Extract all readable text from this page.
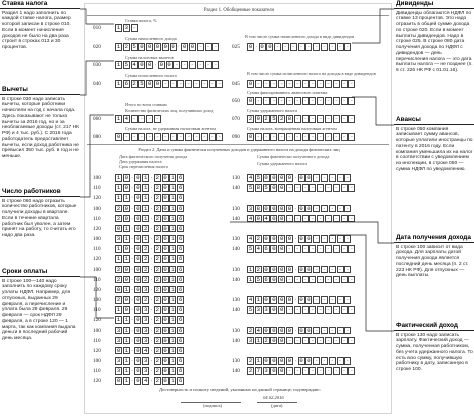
Ставка налога
Раздел 1 надо заполнить по каждой ставке налога, размер которой записан в строке 010. Если в момент начисления доходов не было на два раза строит в строках 013 и 30 процентов.
Вычеты
В строке 030 надо записать вычеты, которые работники начисляли на год с начала года. Здесь показывают не только вычеты за 2016 год, но и за необлагаемые доходы (ст. 217 НК РФ) и 4 тыс. руб.). С 2016 года работодатель предоставляет вычеты, если доход работника не превысил 350 тыс. руб. в год и не меньше.
Число работников
В строке 060 надо отразить количество работников, которые получили доходы в квартале. Если в течение квартала работник был уволен, а затем принят на работу, то считать его надо два раза.
Сроки оплаты
В строке 100—140 надо заполнить по каждому сроку уплаты НДФЛ. Например, для отпускных, выданных 29 февраля, а перечисление и уплата была 29 февраля. 29 февраля — срок НДФЛ 29 февраля, а в строке 120 — 1 марта, так как компания выдала деньги в последний рабочий день месяца.
Дивиденды
Дивиденды облагаются НДФЛ по ставке 13 процентов. Это надо отразить в общей сумме дохода по строке 020. Если в момент выплаты дивидендов. Надо в строке 025. В строке 080 дата получения дохода по НДФЛ с дивидендов — день перечисления налога — это дата выплаты налога — не позднее (п. 6 ст. 226 НК РФ с 01.01.16).
Авансы
В строке 050 компания записывает сумму авансов, которые уплатили иностранцы по патенту в 2016 году. Если компания уменьшила их на налог в соответствии с уведомлением из инспекции, в строке 050 — сумма НДФЛ по уведомлению.
Дата получения дохода
В строке 100 зависит от вида дохода. Для зарплаты датой получения дохода является последний день месяца (п. 2 ст. 223 НК РФ). Для отпускных — день выплаты.
Фактический доход
В строке 130 надо записать зарплату. Фактический доход — сумма, полученная работником, без учета удержанного налога. То есть всю сумму, получившую работнику в дату, записанную в строке 100.
Раздел 1. Обобщенные показатели
Ставка налога, %
010	1 3 -
Сумма начисленного дохода
020	1 2 5 0 0 0 0 0 . 0 0 - - -
В том числе сумма начисленного дохода в виде дивидендов
025	0 . 0 0 - - - - - - - - - -
Сумма налоговых вычетов
030	1 5 4 0 0 . 0 0 - - - - - -
Сумма исчисленного налога
040	1 6 2 5 0 0 - - - - - - - -
В том числе сумма исчисленного налога на доходы в виде дивидендов
045	0 - - - - - - - - - - - - -
Сумма фиксированного авансового платежа
050	0 - - - - - - - - - - - - -
Итого по всем ставкам
Количество физических лиц, получивших доход
060	1 4 - - - -
Сумма удержанного налога
070	2 9 2 5 2 8 - - - - - - - -
Сумма налога, не удержанная налоговым агентом
080	0 - - - - - - - - - - - - -
Сумма налога, возвращенная налоговым агентом
090	0 - - - - - - - - - - - - -
Раздел 2. Даты и суммы фактически полученных доходов и удержанного налога на доходы физических лиц
Дата фактического получения дохода
Дата удержания налога
Срок перечисления налога
Сумма фактически полученного дохода
Сумма удержанного налога
100	1 0 . 0 1 . 2 0 1 6
110	1 0 . 0 1 . 2 0 1 6
120	1 1 . 0 1 . 2 0 1 6
130	4 5 0 0 0 0 . 0 0 - - - - -
140	5 8 5 0 0 - - - - - - - - -
100	2 9 . 0 1 . 2 0 1 6
110	2 9 . 0 1 . 2 0 1 6
120	0 1 . 0 2 . 2 0 1 6
130	3 8 0 0 0 0 . 0 0 - - - - -
140	4 9 4 0 0 - - - - - - - - -
100	3 1 . 0 1 . 2 0 1 6
110	1 0 . 0 2 . 2 0 1 6
120	1 1 . 0 2 . 2 0 1 6
130	4 2 0 0 0 0 . 0 0 - - - - -
140	5 4 6 0 0 - - - - - - - - -
100	2 9 . 0 2 . 2 0 1 6
110	2 9 . 0 2 . 2 0 1 6
120	0 1 . 0 3 . 2 0 1 6
130	1 2 0 0 0 0 . 0 0 - - - - -
140	1 5 6 0 0 - - - - - - - - -
100	2 9 . 0 2 . 2 0 1 6
110	1 0 . 0 3 . 2 0 1 6
120	1 1 . 0 3 . 2 0 1 6
130	4 1 0 0 0 0 . 0 0 - - - - -
140	5 3 3 0 0 - - - - - - - - -
100	3 1 . 0 3 . 2 0 1 6
110	3 1 . 0 3 . 2 0 1 6
120	0 1 . 0 4 . 2 0 1 6
130	2 4 0 0 0 0 . 0 0 - - - - -
140	3 1 2 0 0 - - - - - - - - -
100	3 1 . 0 3 . 2 0 1 6
110	3 1 . 0 3 . 2 0 1 6
120	0 1 . 0 4 . 2 0 1 6
130	2 1 0 0 0 0 . 0 0 - - - - -
140	2 7 3 0 0 - - - - - - - - -
Достоверность и полноту сведений, указанных на данной странице, подтверждаю:
(подпись)
04.02.2016
(дата)
